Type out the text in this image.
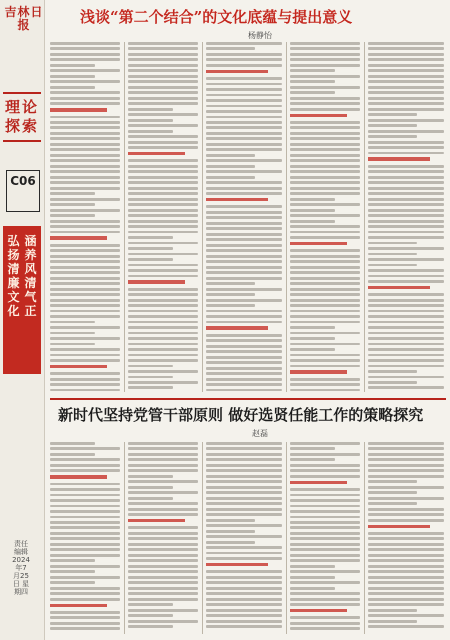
吉林日报
理论探索
C06
弘扬清廉文化
涵养风清气正
责任编辑 2024年7月25日 星期四
浅谈“第二个结合”的文化底蕴与提出意义
杨静怡
新时代坚持党管干部原则 做好选贤任能工作的策略探究
赵磊
